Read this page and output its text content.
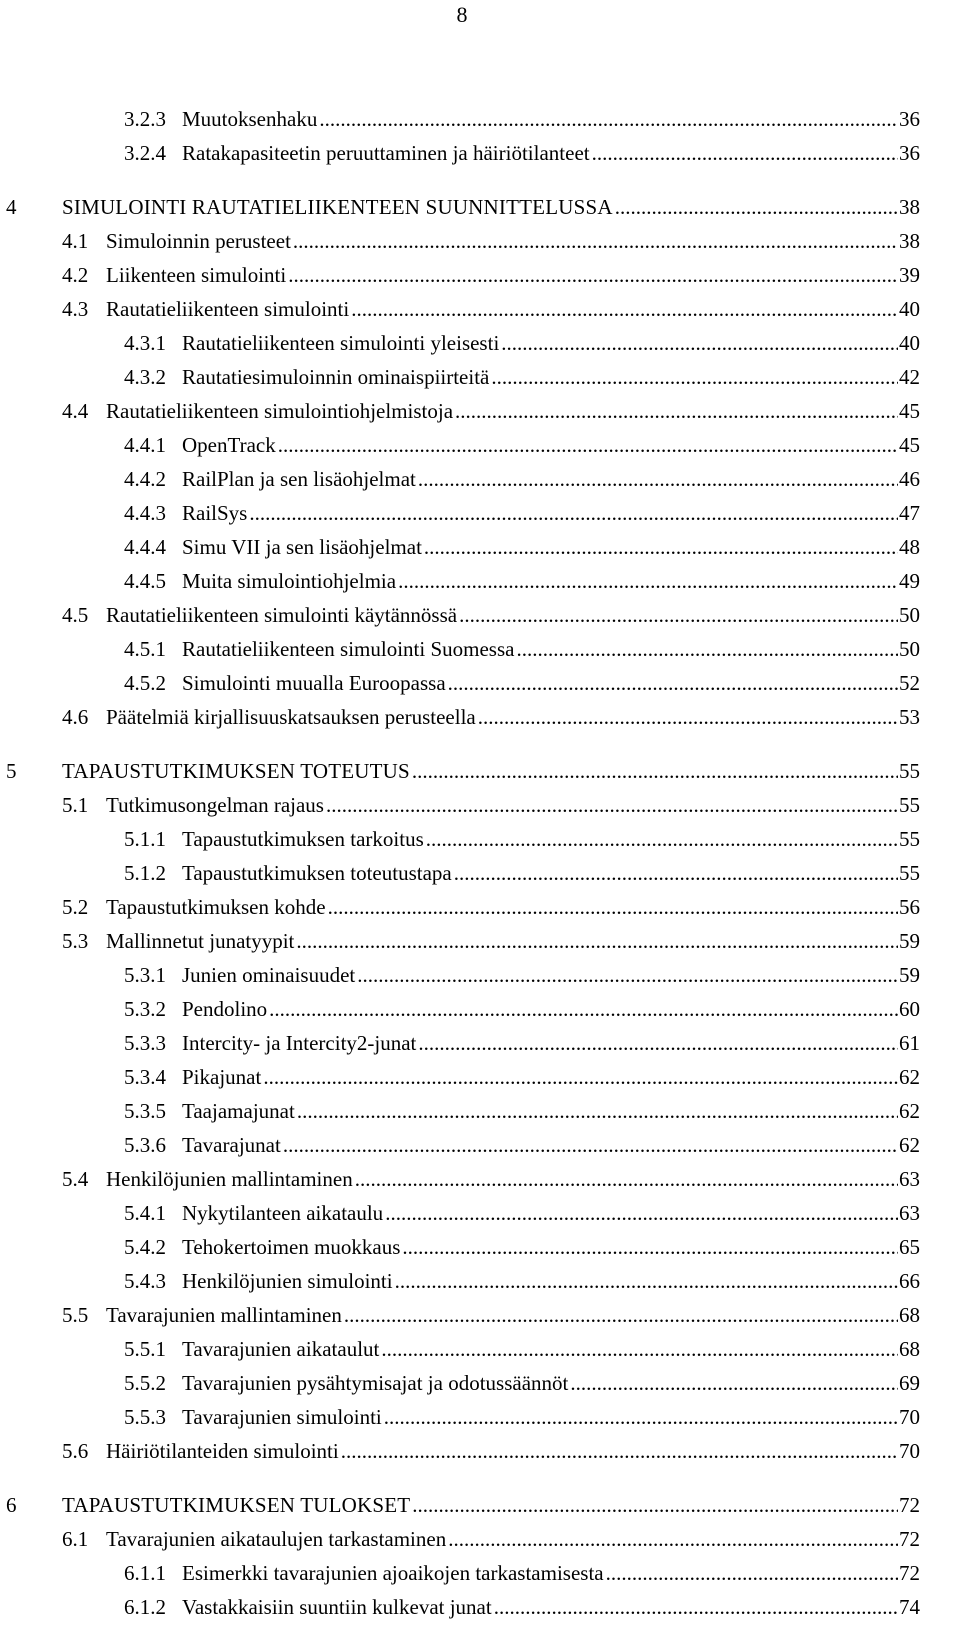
8
3.2.3 Muutoksenhaku .....	36
3.2.4 Ratakapasiteetin peruuttaminen ja häiriötilanteet .....	36
4 SIMULOINTI RAUTATIELIIKENTEEN SUUNNITTELUSSA .....	38
4.1 Simuloinnin perusteet .....	38
4.2 Liikenteen simulointi .....	39
4.3 Rautatieliikenteen simulointi .....	40
4.3.1 Rautatieliikenteen simulointi yleisesti .....	40
4.3.2 Rautatiesimuloinnin ominaispiirteitä .....	42
4.4 Rautatieliikenteen simulointiohjelmistoja .....	45
4.4.1 OpenTrack .....	45
4.4.2 RailPlan ja sen lisäohjelmat .....	46
4.4.3 RailSys .....	47
4.4.4 Simu VII ja sen lisäohjelmat .....	48
4.4.5 Muita simulointiohjelmia .....	49
4.5 Rautatieliikenteen simulointi käytännössä .....	50
4.5.1 Rautatieliikenteen simulointi Suomessa .....	50
4.5.2 Simulointi muualla Euroopassa .....	52
4.6 Päätelmiä kirjallisuuskatsauksen perusteella .....	53
5 TAPAUSTUTKIMUKSEN TOTEUTUS .....	55
5.1 Tutkimusongelman rajaus .....	55
5.1.1 Tapaustutkimuksen tarkoitus .....	55
5.1.2 Tapaustutkimuksen toteutustapa .....	55
5.2 Tapaustutkimuksen kohde .....	56
5.3 Mallinnetut junatyypit .....	59
5.3.1 Junien ominaisuudet .....	59
5.3.2 Pendolino .....	60
5.3.3 Intercity- ja Intercity2-junat .....	61
5.3.4 Pikajunat .....	62
5.3.5 Taajamajunat .....	62
5.3.6 Tavarajunat .....	62
5.4 Henkilöjunien mallintaminen .....	63
5.4.1 Nykytilanteen aikataulu .....	63
5.4.2 Tehokertoimen muokkaus .....	65
5.4.3 Henkilöjunien simulointi .....	66
5.5 Tavarajunien mallintaminen .....	68
5.5.1 Tavarajunien aikataulut .....	68
5.5.2 Tavarajunien pysähtymisajat ja odotussäännöt .....	69
5.5.3 Tavarajunien simulointi .....	70
5.6 Häiriötilanteiden simulointi .....	70
6 TAPAUSTUTKIMUKSEN TULOKSET .....	72
6.1 Tavarajunien aikataulujen tarkastaminen .....	72
6.1.1 Esimerkki tavarajunien ajoaikojen tarkastamisesta .....	72
6.1.2 Vastakkaisiin suuntiin kulkevat junat .....	74
